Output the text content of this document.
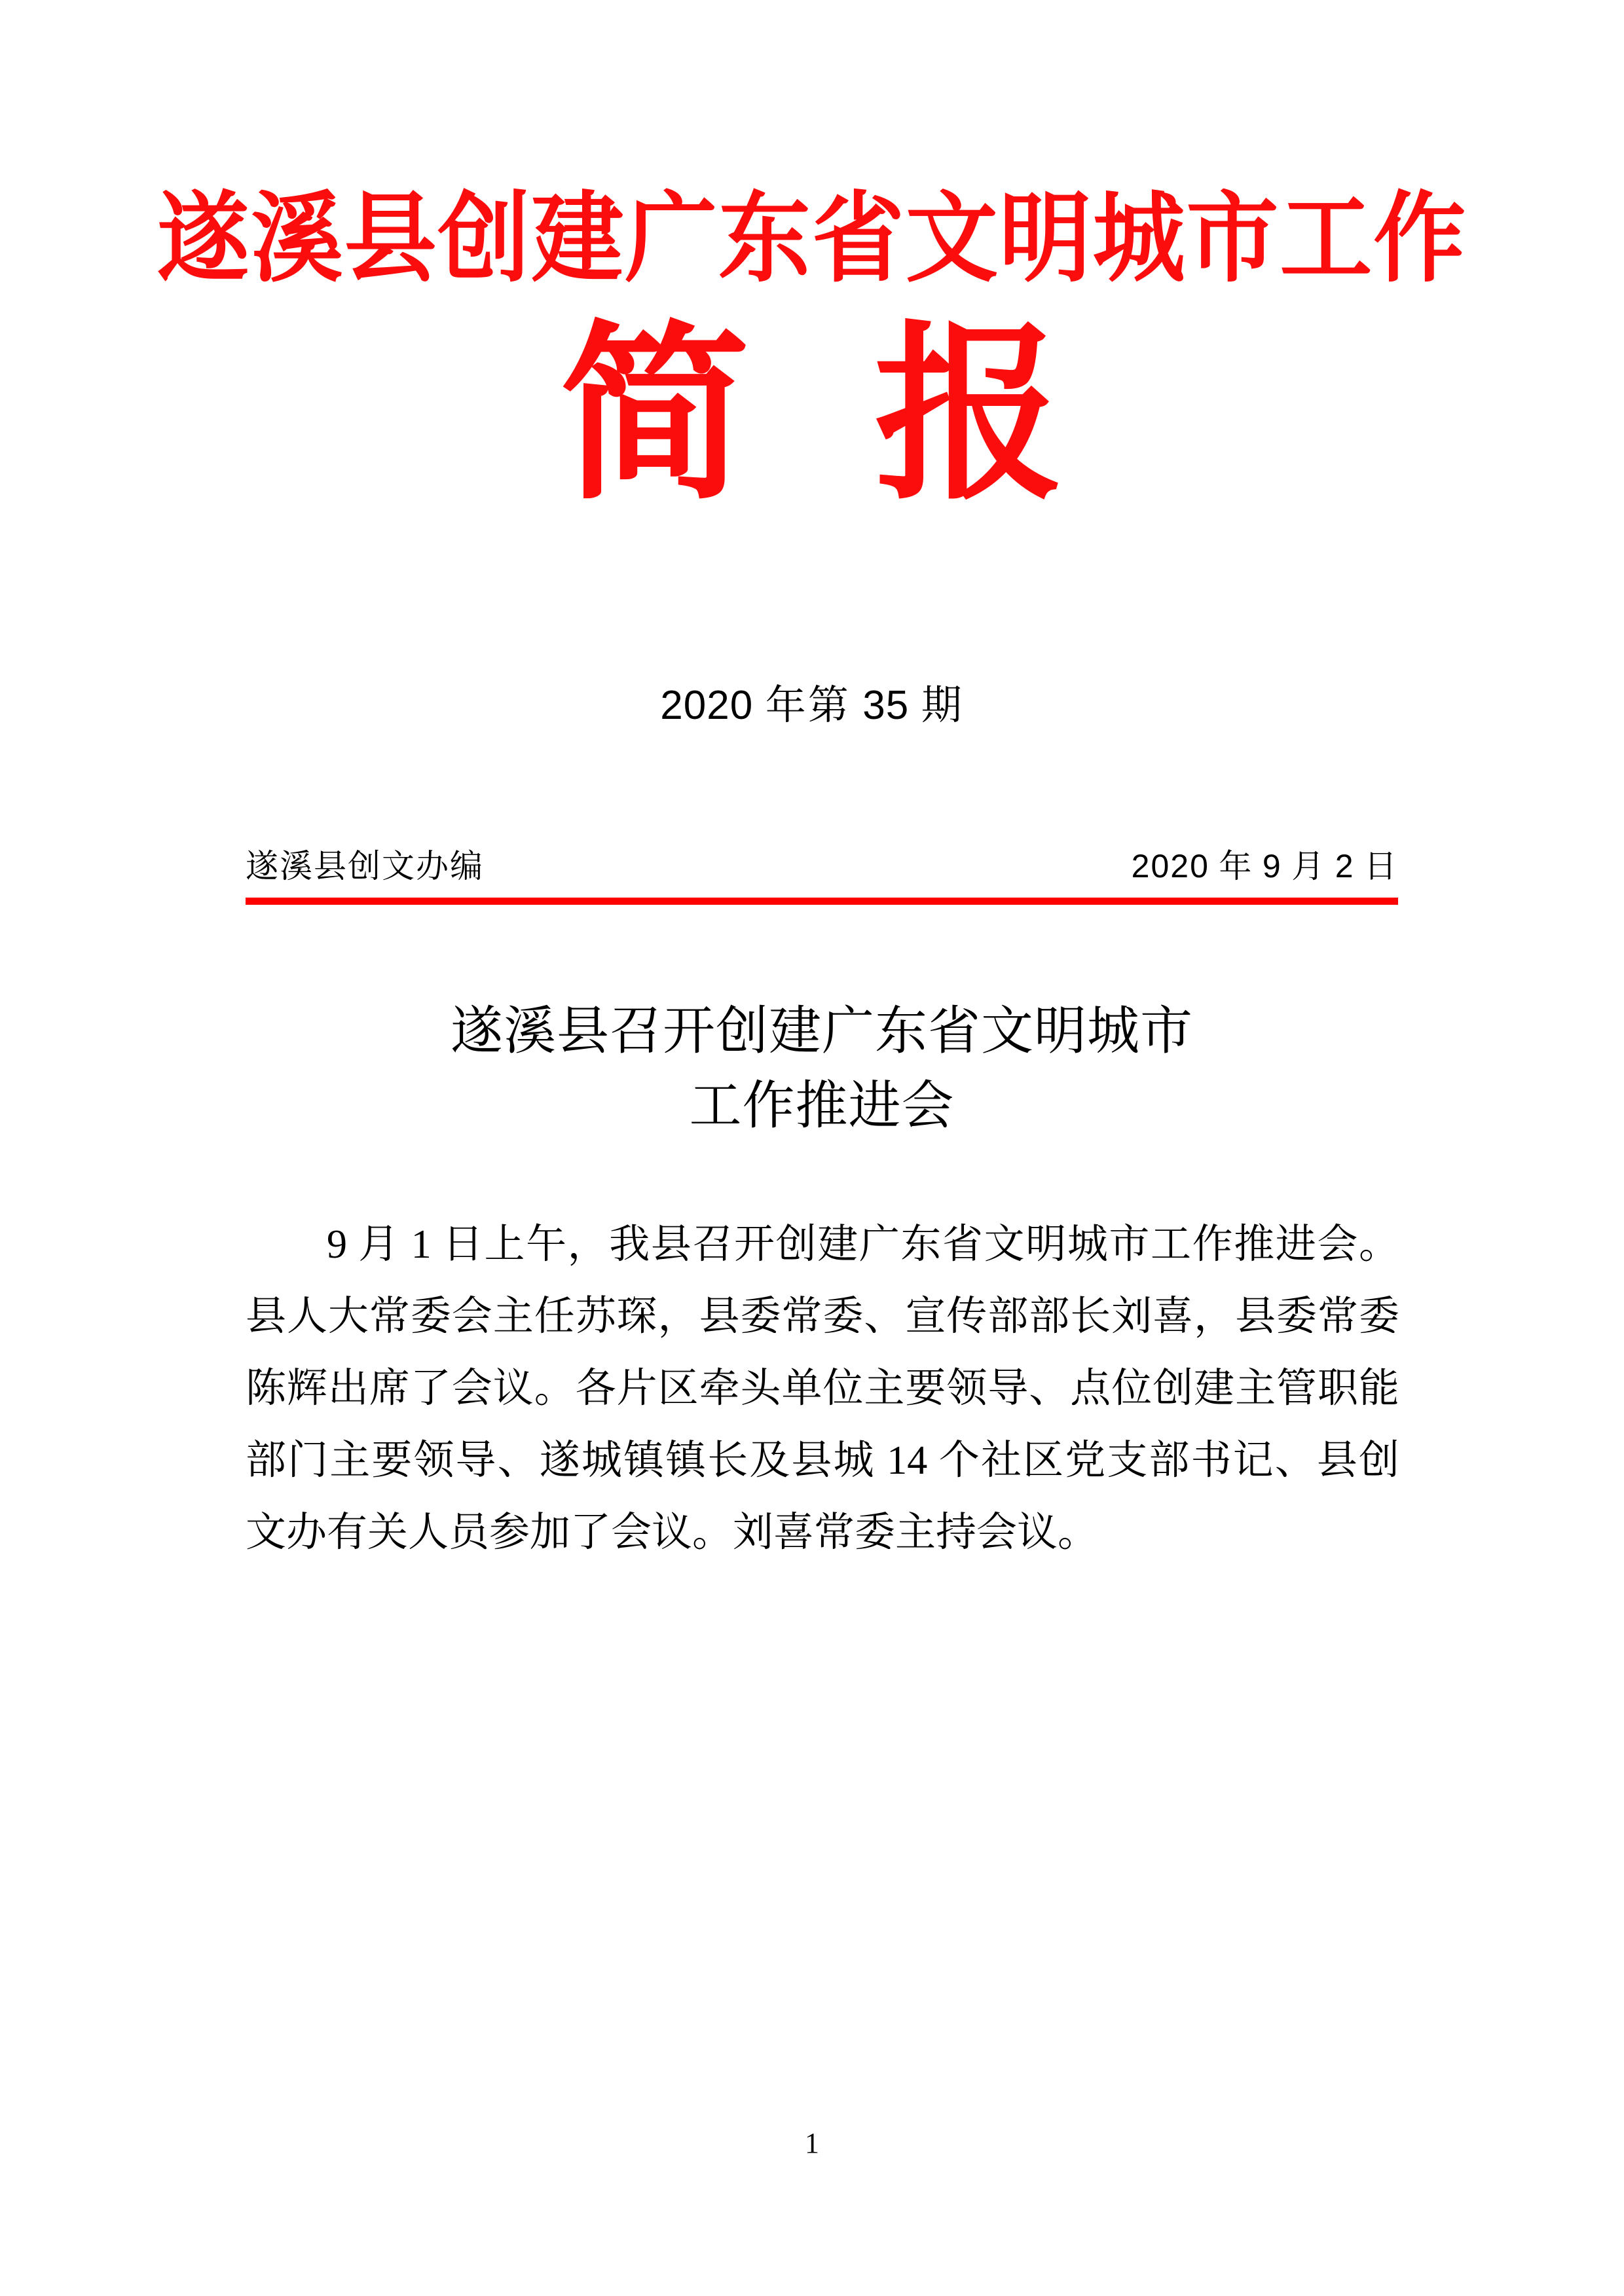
遂溪县创建广东省文明城市工作
简 报
2020 年第 35 期
遂溪县创文办编	2020 年 9 月 2 日
遂溪县召开创建广东省文明城市
工作推进会

9 月 1 日上午，我县召开创建广东省文明城市工作推进会。县人大常委会主任苏琛，县委常委、宣传部部长刘喜，县委常委陈辉出席了会议。各片区牵头单位主要领导、点位创建主管职能部门主要领导、遂城镇镇长及县城 14 个社区党支部书记、县创文办有关人员参加了会议。刘喜常委主持会议。

1
